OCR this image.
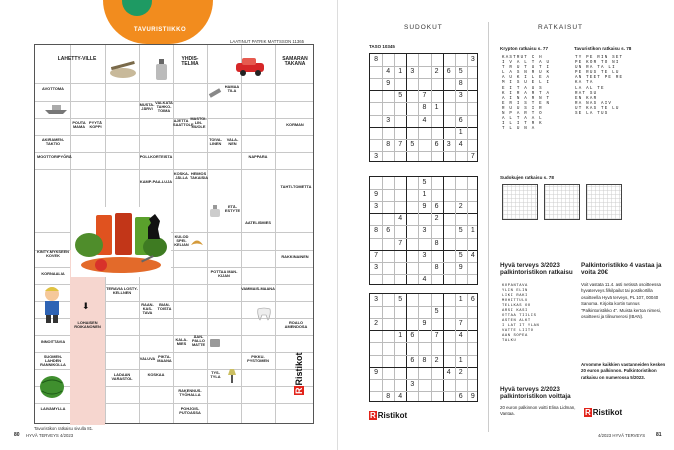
TAVURISTIIKKO
LAATINUT PATRIK MATTSSON 11365
LAHETTY-VILLE	YHDIS-TELMA
SAMARAN TAKANA
AVOTTOMA	HAMAA TILA
MUSTA-JÄRVI
VALKATA TAHKO-TOIMA
POUTA MAMA
PYYTÄ KOPPI
AJETTA SAATTOLE
MASTOI-LIN-MUOLE	KORMAN
AKIRAMEN-TAKTIO
TOIVA-LINEN
VALA-NEN
MOOTTORIPYÖRÄ	POLI-KORTEISTA	NAPPARA
KOSKA-JÄLLA
HEIMOS TAKAISIA
KAMP-PAA-LUJA
TAHTI-TOMETTA
ETÄ-ESTYTE
AATELISMIES
KULOD SPEI-KELIAN
KINTY-MYKSEEN KOVEK	RAKKINAINEN
KORNAALIA	POTTAA MAN-KIJAN
TERAVIA LOSTY-KELLNEN
RAAN-KAS-TAVA
BIAN-TOISTA
VAMMAIS-MAANA
LOHAISEN ROIKANONEN
ROALO AMENDOSA
INNOITTAVIA	KALA-MIES
ÄAN-PALLO MATTE
SUOMEN-LAHDEN RANNIKOLLA
VALUVA PIKTA-MAANA
PIKKU-PYSTOMEN
LADAAN VARASTOL
KOSKAA	TYS-TYLA
RAKENNUS-TYÖHALLA
LAIVAMYLLA	POHJOIS-PUTOASSA
⬇
RRistikot
Tavuristikon ratkaisu sivulla 81.
80 HYVÄ TERVEYS 4/2023
SUDOKUT	RATKAISUT
TASO 10345
8	3
4	1	3	2	6	5
9	8
5	7	3
8	1
3	4	6
1
8	7	5	6	3	4
3	7
5
9	1
3	9	6	2
4	2
8	6	3	5	1
7	8
7	3	5	4
3	8	9
4
3	5	1	6
5
2	9	7
1	6	7	4
6	8	2	1
9	4	2
3
8	4	6	9
R Ristikot
Krypton ratkaisu s. 77	Tavuristikon ratkaisu s. 78
KASTRUT C H
I V A L T A U
T R U T U T I
L A S N R U K
A U K I L E A
M I S U E L I
E I T A U S
K I R A R T A
A I N A R N T
E R I S T E N
R U U S I R
N P A R T O
A L T A A L
I L I T R K
T L U N A
TY PE RIN SET
PE KOR TO NI
UN RA TA LI
PE RUS TE LU
AN TEET PE RE
KA TA
LA AL TE
RAT SU
EN KAR
RA NAS AIV
UT KAS TE LU
SE LA TUS
Sudokujen ratkaisu s. 78
Hyvä terveys 3/2023 palkintoristikon ratkaisu
KOPANTAVA
YLIN ELIN
LIKI RAKI
MOHITTULU
TELLKAS OO
ARSI KASI
OTTAA TIILIS
ASTEN ALKT
I LAT IT YLAN
VATTE LIITO
AAN SOPEA
TALKU
Hyvä terveys 2/2023 palkintoristikon voittaja
20 euron palkinnon voitti Elina Lidman, Vantaa.
Palkintoristikko 4 vastaa ja voita 20€
Voit vastata 11.4. asti netissä osoitteessa hyvaterveys.fi/kilpailut tai postikortilla osoitteella Hyvä terveys, PL 107, 00040 Sanoma. Kirjoita kortin tunnus "Palkintoristikko 4". Muista kertoa nimesi, osoitteesi ja tilinumerosi (IBAN).
Arvomme kaikkien vastanneiden kesken 20 euron palkinnon. Palkintoristikon ratkaisu on numerossa 5/2023.
R Ristikot
4/2023 HYVÄ TERVEYS 81
